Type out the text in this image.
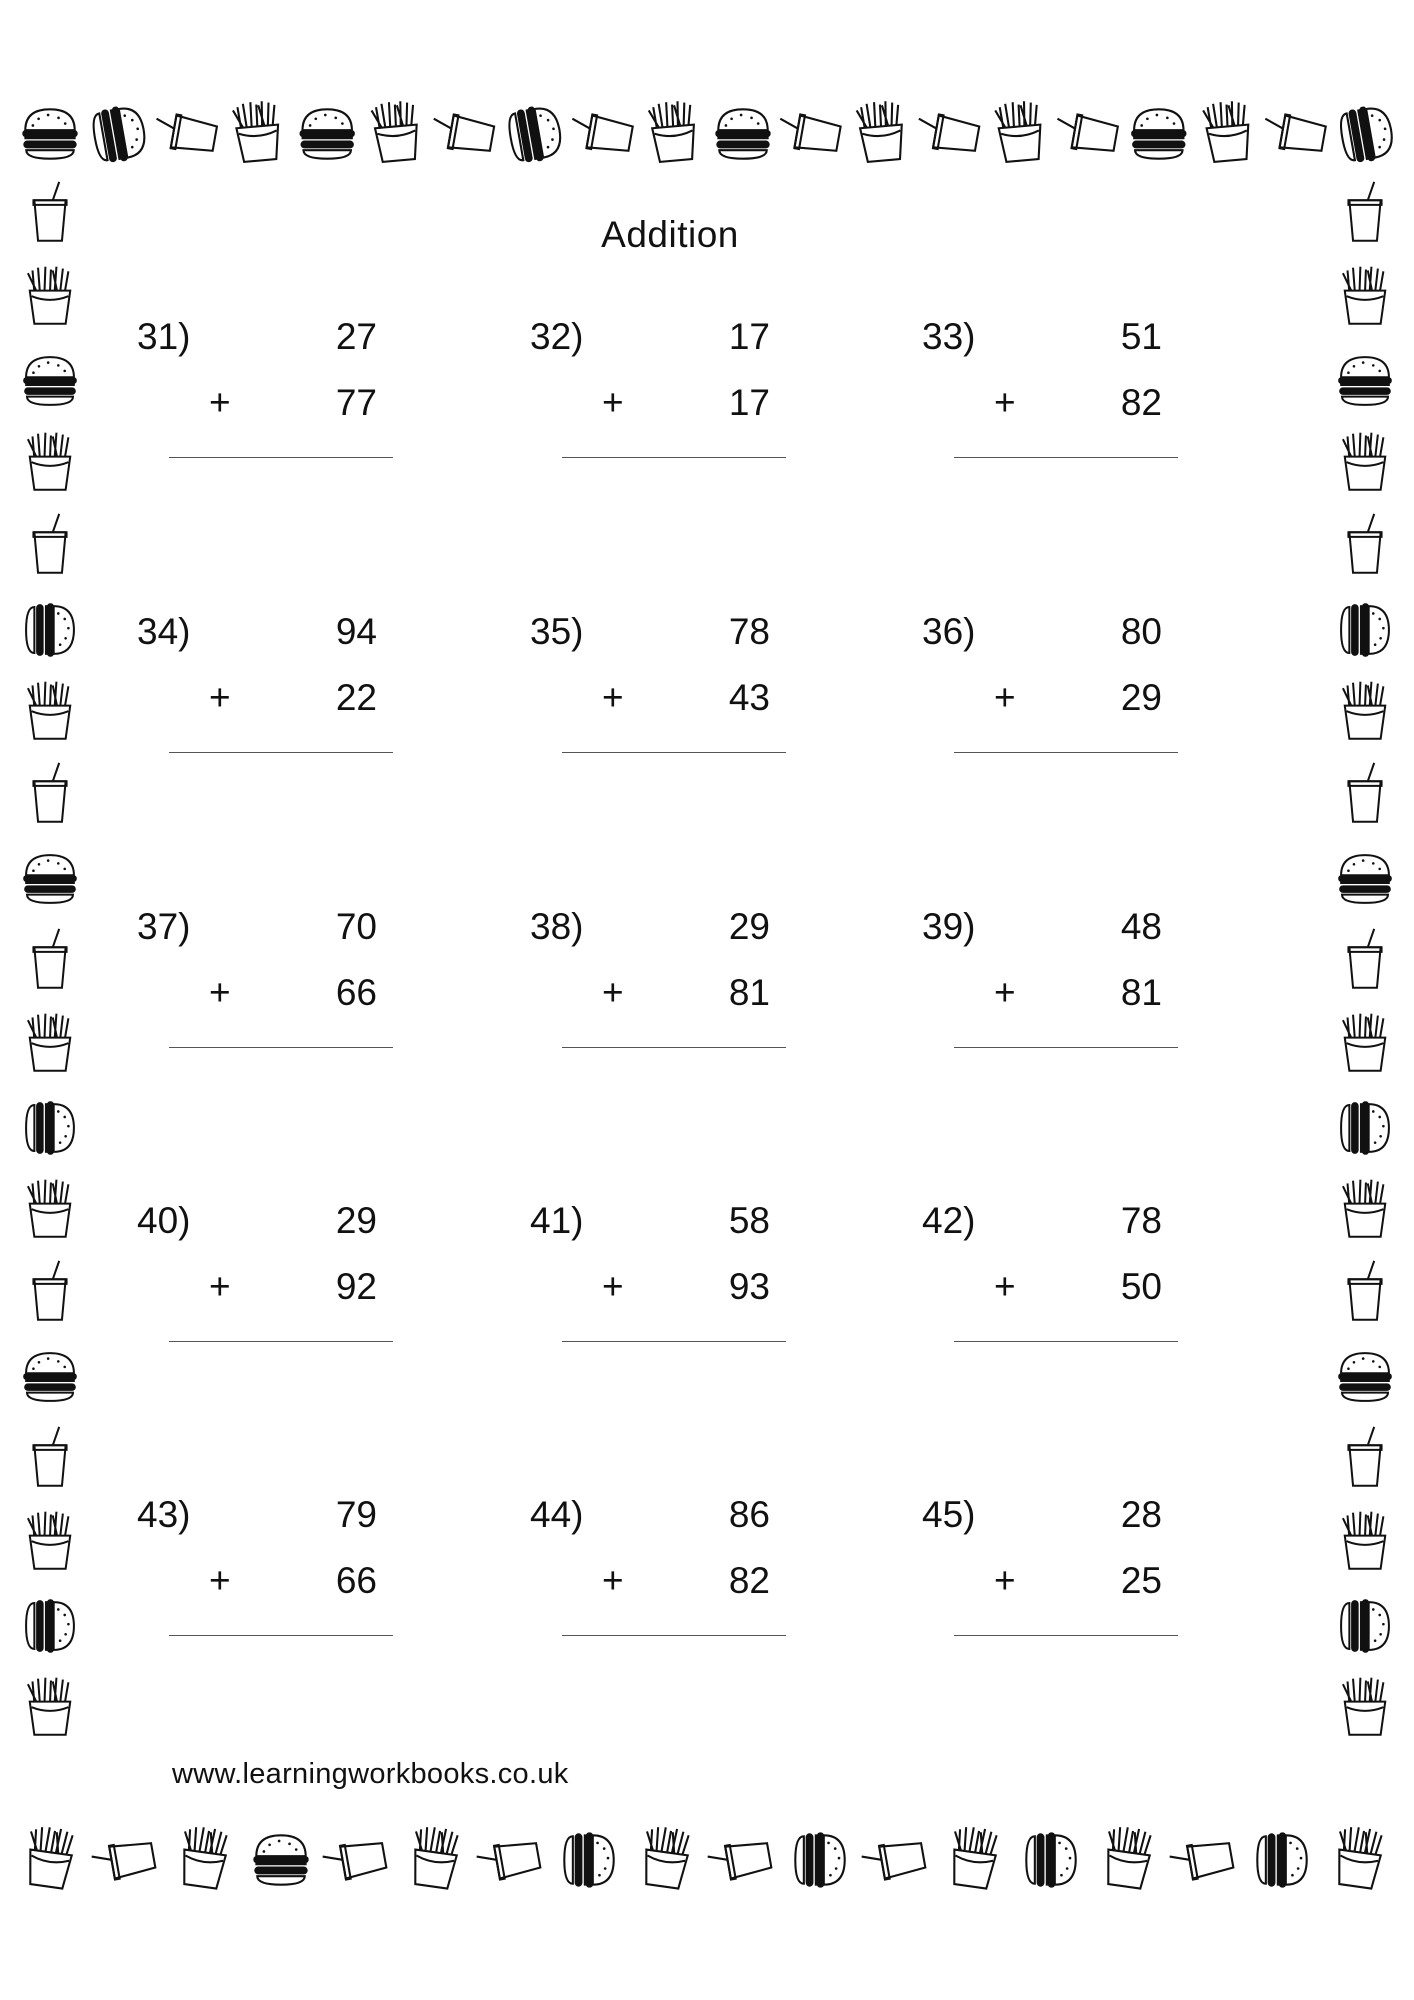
Addition
31)	27
+	77
32)	17
+	17
33)	51
+	82
34)	94
+	22
35)	78
+	43
36)	80
+	29
37)	70
+	66
38)	29
+	81
39)	48
+	81
40)	29
+	92
41)	58
+	93
42)	78
+	50
43)	79
+	66
44)	86
+	82
45)	28
+	25
www.learningworkbooks.co.uk
